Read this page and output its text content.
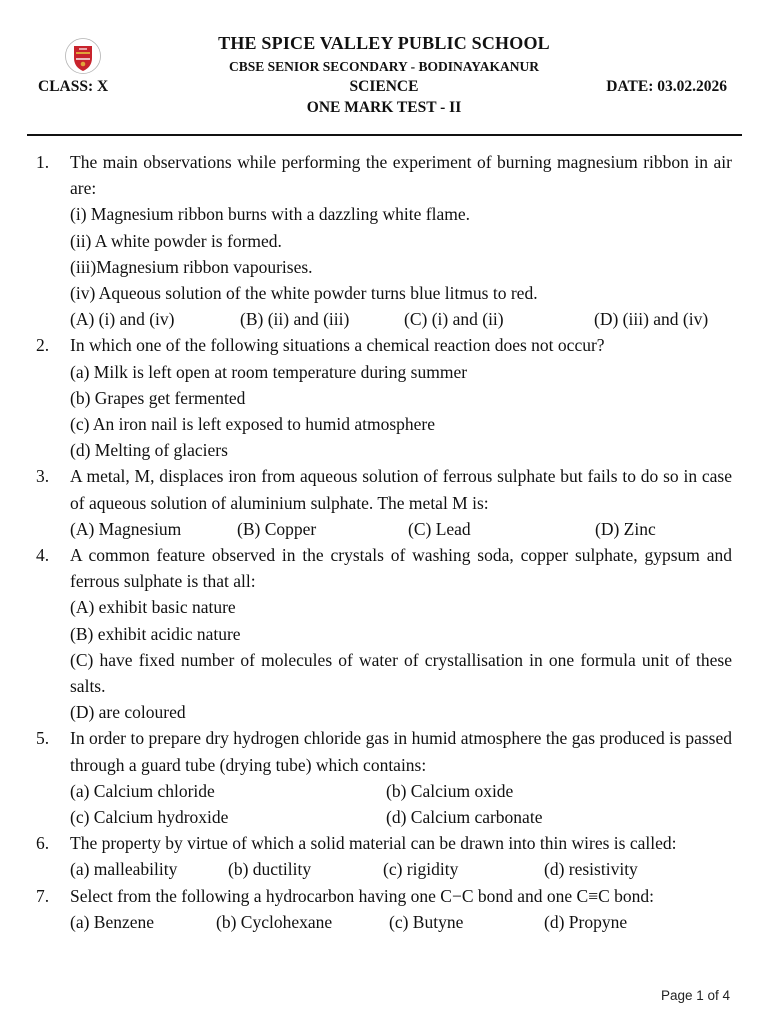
THE SPICE VALLEY PUBLIC SCHOOL
CBSE SENIOR SECONDARY - BODINAYAKANUR
CLASS: X	SCIENCE	DATE: 03.02.2026
ONE MARK TEST - II
1.	The main observations while performing the experiment of burning magnesium ribbon in air are:
(i) Magnesium ribbon burns with a dazzling white flame.
(ii) A white powder is formed.
(iii)Magnesium ribbon vapourises.
(iv) Aqueous solution of the white powder turns blue litmus to red.
(A) (i) and (iv)	(B) (ii) and (iii)	(C) (i) and (ii)	(D) (iii) and (iv)
2.	In which one of the following situations a chemical reaction does not occur?
(a) Milk is left open at room temperature during summer
(b) Grapes get fermented
(c) An iron nail is left exposed to humid atmosphere
(d) Melting of glaciers
3.	A metal, M, displaces iron from aqueous solution of ferrous sulphate but fails to do so in case of aqueous solution of aluminium sulphate. The metal M is:
(A) Magnesium	(B) Copper	(C) Lead	(D) Zinc
4.	A common feature observed in the crystals of washing soda, copper sulphate, gypsum and ferrous sulphate is that all:
(A) exhibit basic nature
(B) exhibit acidic nature
(C) have fixed number of molecules of water of crystallisation in one formula unit of these salts.
(D) are coloured
5.	In order to prepare dry hydrogen chloride gas in humid atmosphere the gas produced is passed through a guard tube (drying tube) which contains:
(a) Calcium chloride	(b) Calcium oxide
(c) Calcium hydroxide	(d) Calcium carbonate
6.	The property by virtue of which a solid material can be drawn into thin wires is called:
(a) malleability	(b) ductility	(c) rigidity	(d) resistivity
7.	Select from the following a hydrocarbon having one C−C bond and one C≡C bond:
(a) Benzene	(b) Cyclohexane	(c) Butyne	(d) Propyne
Page 1 of 4
